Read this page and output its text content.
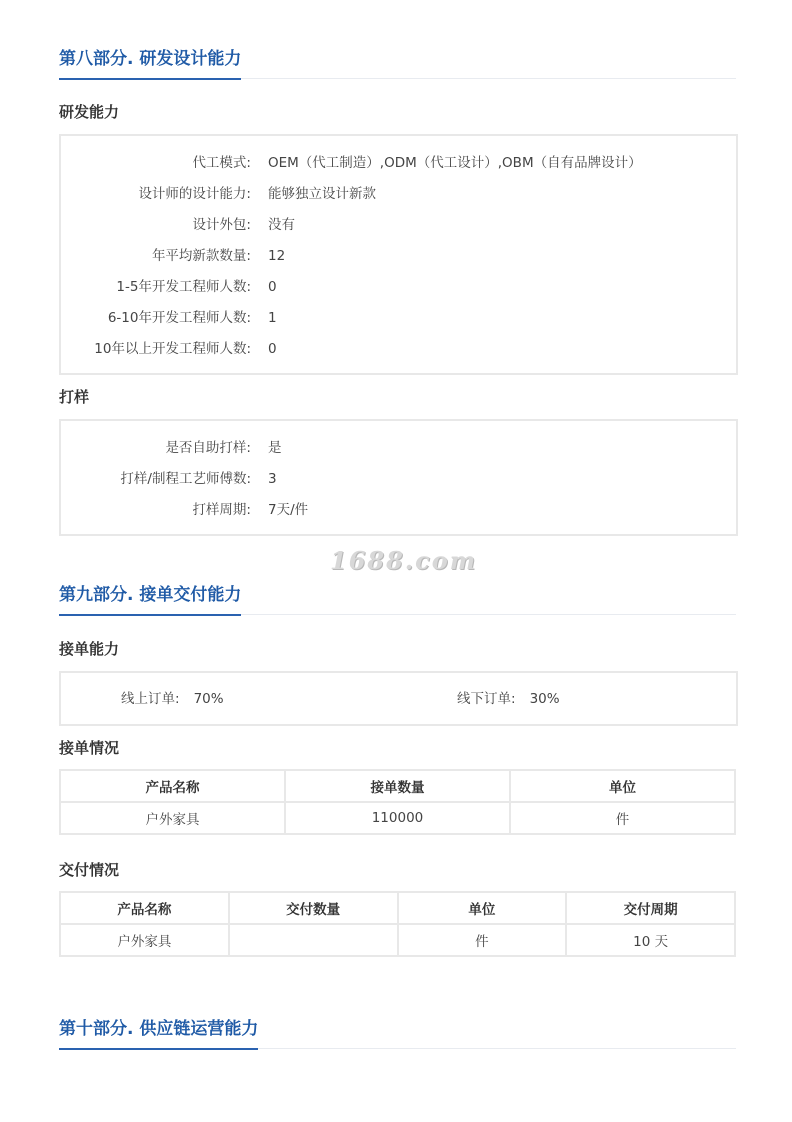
第八部分. 研发设计能力
研发能力
代工模式: OEM（代工制造）,ODM（代工设计）,OBM（自有品牌设计）
设计师的设计能力: 能够独立设计新款
设计外包: 没有
年平均新款数量: 12
1-5年开发工程师人数: 0
6-10年开发工程师人数: 1
10年以上开发工程师人数: 0
打样
是否自助打样: 是
打样/制程工艺师傅数: 3
打样周期: 7天/件
第九部分. 接单交付能力
接单能力
线上订单: 70%	线下订单: 30%
接单情况
产品名称	接单数量	单位
户外家具	110000	件
交付情况
产品名称	交付数量	单位	交付周期
户外家具		件	10 天
第十部分. 供应链运营能力
1688.com
